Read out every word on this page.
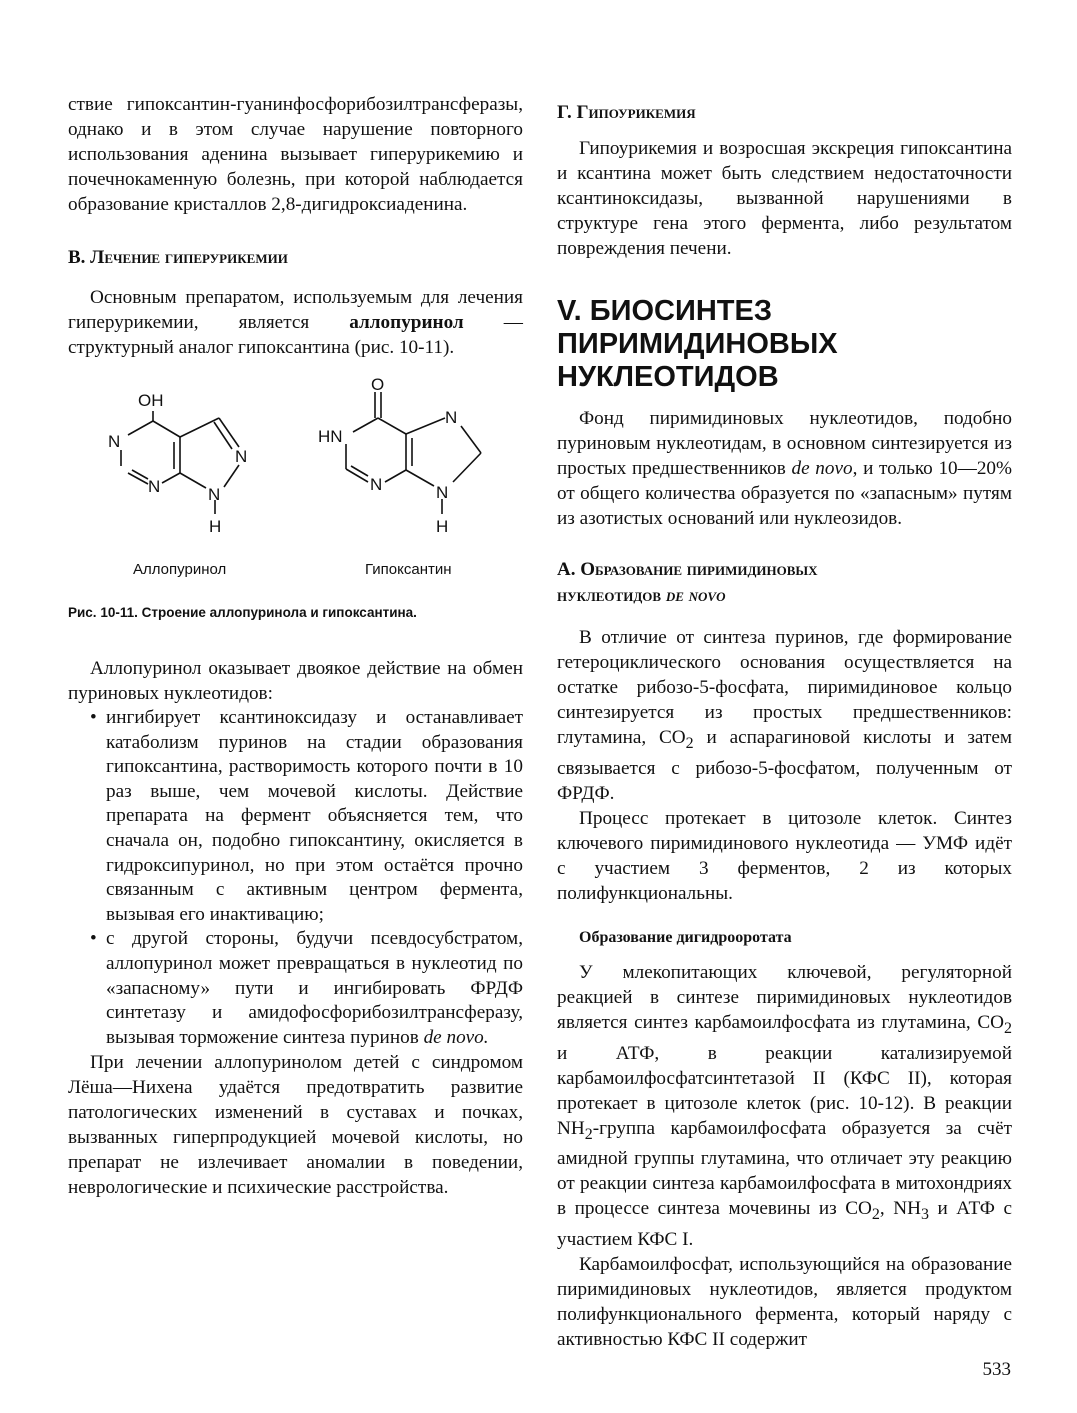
ствие гипоксантин-гуанинфосфорибозилтрансферазы, однако и в этом случае нарушение повторного использования аденина вызывает гиперурикемию и почечнокаменную болезнь, при которой наблюдается образование кристаллов 2,8-дигидроксиаденина.

В. Лечение гиперурикемии

Основным препаратом, используемым для лечения гиперурикемии, является аллопуринол — структурный аналог гипоксантина (рис. 10-11).

OH
N
N
N
N
H
O
HN
N
N
N
H
Аллопуринол	Гипоксантин
Рис. 10-11. Строение аллопуринола и гипоксантина.

Аллопуринол оказывает двоякое действие на обмен пуриновых нуклеотидов:

• ингибирует ксантиноксидазу и останавливает катаболизм пуринов на стадии образования гипоксантина, растворимость которого почти в 10 раз выше, чем мочевой кислоты. Действие препарата на фермент объясняется тем, что сначала он, подобно гипоксантину, окисляется в гидроксипуринол, но при этом остаётся прочно связанным с активным центром фермента, вызывая его инактивацию;
• с другой стороны, будучи псевдосубстратом, аллопуринол может превращаться в нуклеотид по «запасному» пути и ингибировать ФРДФ синтетазу и амидофосфорибозилтрансферазу, вызывая торможение синтеза пуринов de novo.

При лечении аллопуринолом детей с синдромом Лёша—Нихена удаётся предотвратить развитие патологических изменений в суставах и почках, вызванных гиперпродукцией мочевой кислоты, но препарат не излечивает аномалии в поведении, неврологические и психические расстройства.

Г. Гипоурикемия

Гипоурикемия и возросшая экскреция гипоксантина и ксантина может быть следствием недостаточности ксантиноксидазы, вызванной нарушениями в структуре гена этого фермента, либо результатом повреждения печени.

V. БИОСИНТЕЗ
ПИРИМИДИНОВЫХ
НУКЛЕОТИДОВ

Фонд пиримидиновых нуклеотидов, подобно пуриновым нуклеотидам, в основном синтезируется из простых предшественников de novo, и только 10—20% от общего количества образуется по «запасным» путям из азотистых оснований или нуклеозидов.

А. Образование пиримидиновых
нуклеотидов de novo

В отличие от синтеза пуринов, где формирование гетероциклического основания осуществляется на остатке рибозо-5-фосфата, пиримидиновое кольцо синтезируется из простых предшественников: глутамина, $CO_2$ и аспарагиновой кислоты и затем связывается с рибозо-5-фосфатом, полученным от ФРДФ.

Процесс протекает в цитозоле клеток. Синтез ключевого пиримидинового нуклеотида — УМФ идёт с участием 3 ферментов, 2 из которых полифункциональны.

Образование дигидрооротата

У млекопитающих ключевой, регуляторной реакцией в синтезе пиримидиновых нуклеотидов является синтез карбамоилфосфата из глутамина, $CO_2$ и АТФ, в реакции катализируемой карбамоилфосфатсинтетазой II (КФС II), которая протекает в цитозоле клеток (рис. 10-12). В реакции $NH_2$-группа карбамоилфосфата образуется за счёт амидной группы глутамина, что отличает эту реакцию от реакции синтеза карбамоилфосфата в митохондриях в процессе синтеза мочевины из $CO_2$, $NH_3$ и АТФ с участием КФС I.

Карбамоилфосфат, использующийся на образование пиримидиновых нуклеотидов, является продуктом полифункционального фермента, который наряду с активностью КФС II содержит

533
